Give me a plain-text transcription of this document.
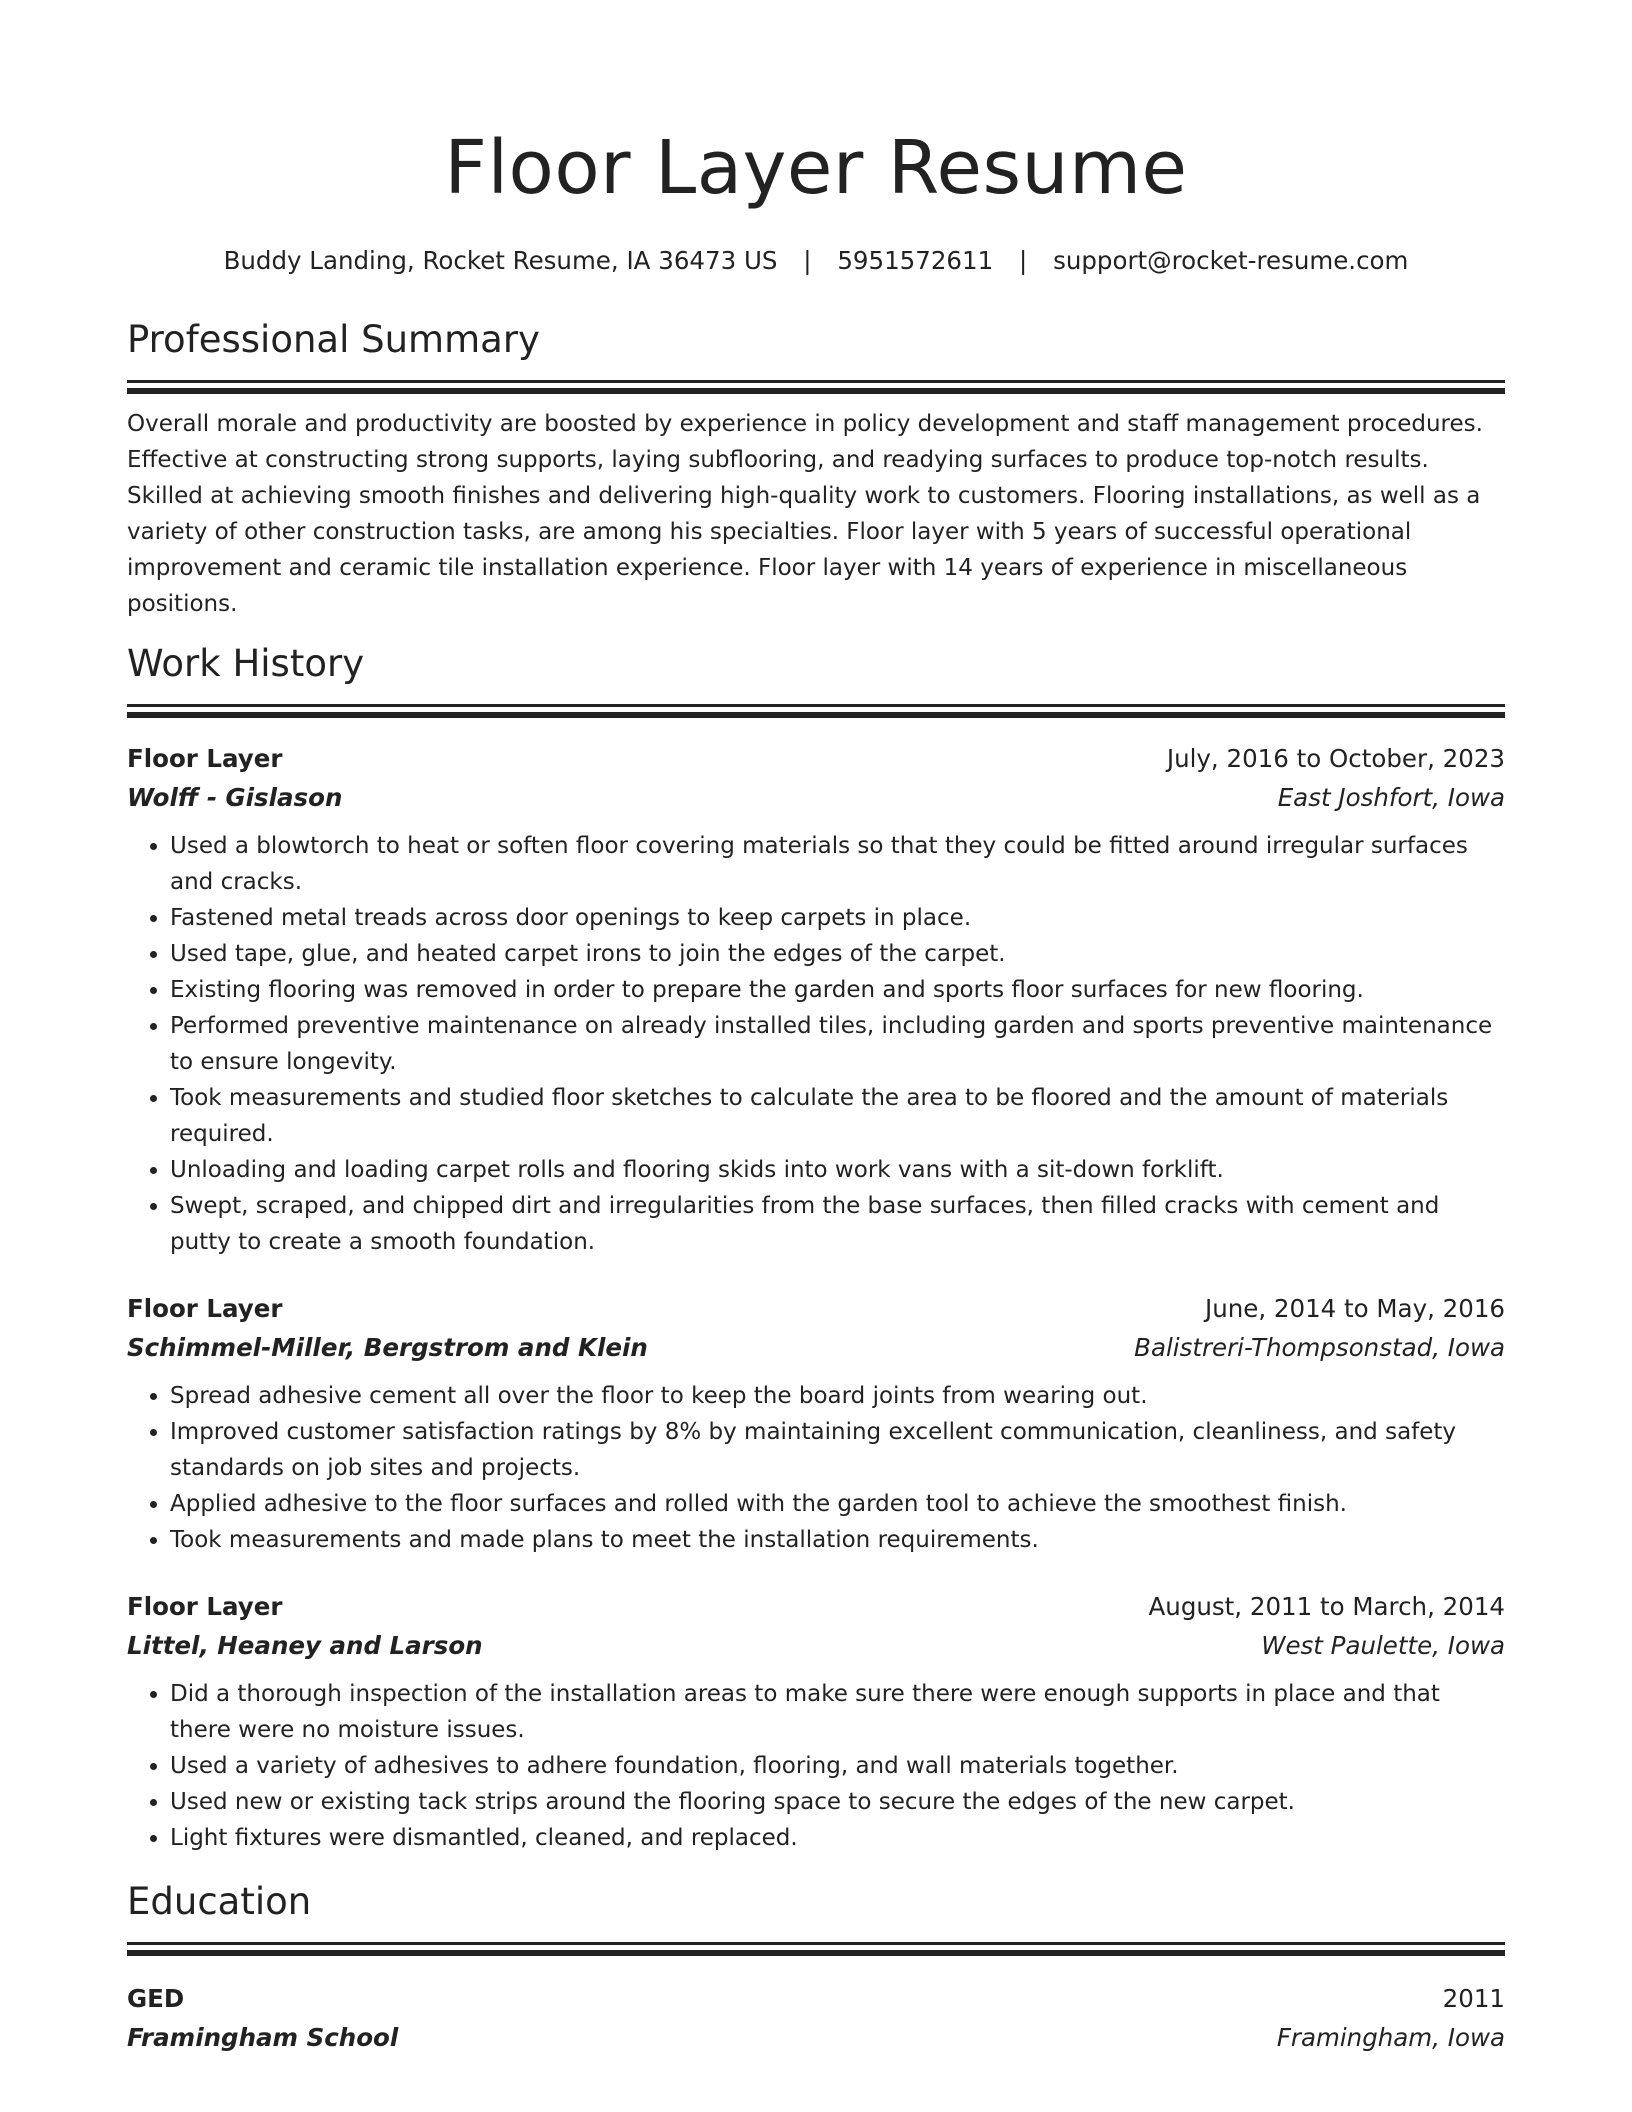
Floor Layer Resume
Buddy Landing, Rocket Resume, IA 36473 US | 5951572611 | support@rocket-resume.com
Professional Summary

Overall morale and productivity are boosted by experience in policy development and staff management procedures. Effective at constructing strong supports, laying subflooring, and readying surfaces to produce top-notch results. Skilled at achieving smooth finishes and delivering high-quality work to customers. Flooring installations, as well as a variety of other construction tasks, are among his specialties. Floor layer with 5 years of successful operational improvement and ceramic tile installation experience. Floor layer with 14 years of experience in miscellaneous positions.

Work History
Floor Layer	July, 2016 to October, 2023
Wolff - Gislason	East Joshfort, Iowa
• Used a blowtorch to heat or soften floor covering materials so that they could be fitted around irregular surfaces and cracks.
• Fastened metal treads across door openings to keep carpets in place.
• Used tape, glue, and heated carpet irons to join the edges of the carpet.
• Existing flooring was removed in order to prepare the garden and sports floor surfaces for new flooring.
• Performed preventive maintenance on already installed tiles, including garden and sports preventive maintenance to ensure longevity.
• Took measurements and studied floor sketches to calculate the area to be floored and the amount of materials required.
• Unloading and loading carpet rolls and flooring skids into work vans with a sit-down forklift.
• Swept, scraped, and chipped dirt and irregularities from the base surfaces, then filled cracks with cement and putty to create a smooth foundation.
Floor Layer	June, 2014 to May, 2016
Schimmel-Miller, Bergstrom and Klein	Balistreri-Thompsonstad, Iowa
• Spread adhesive cement all over the floor to keep the board joints from wearing out.
• Improved customer satisfaction ratings by 8% by maintaining excellent communication, cleanliness, and safety standards on job sites and projects.
• Applied adhesive to the floor surfaces and rolled with the garden tool to achieve the smoothest finish.
• Took measurements and made plans to meet the installation requirements.
Floor Layer	August, 2011 to March, 2014
Littel, Heaney and Larson	West Paulette, Iowa
• Did a thorough inspection of the installation areas to make sure there were enough supports in place and that there were no moisture issues.
• Used a variety of adhesives to adhere foundation, flooring, and wall materials together.
• Used new or existing tack strips around the flooring space to secure the edges of the new carpet.
• Light fixtures were dismantled, cleaned, and replaced.
Education
GED	2011
Framingham School	Framingham, Iowa
